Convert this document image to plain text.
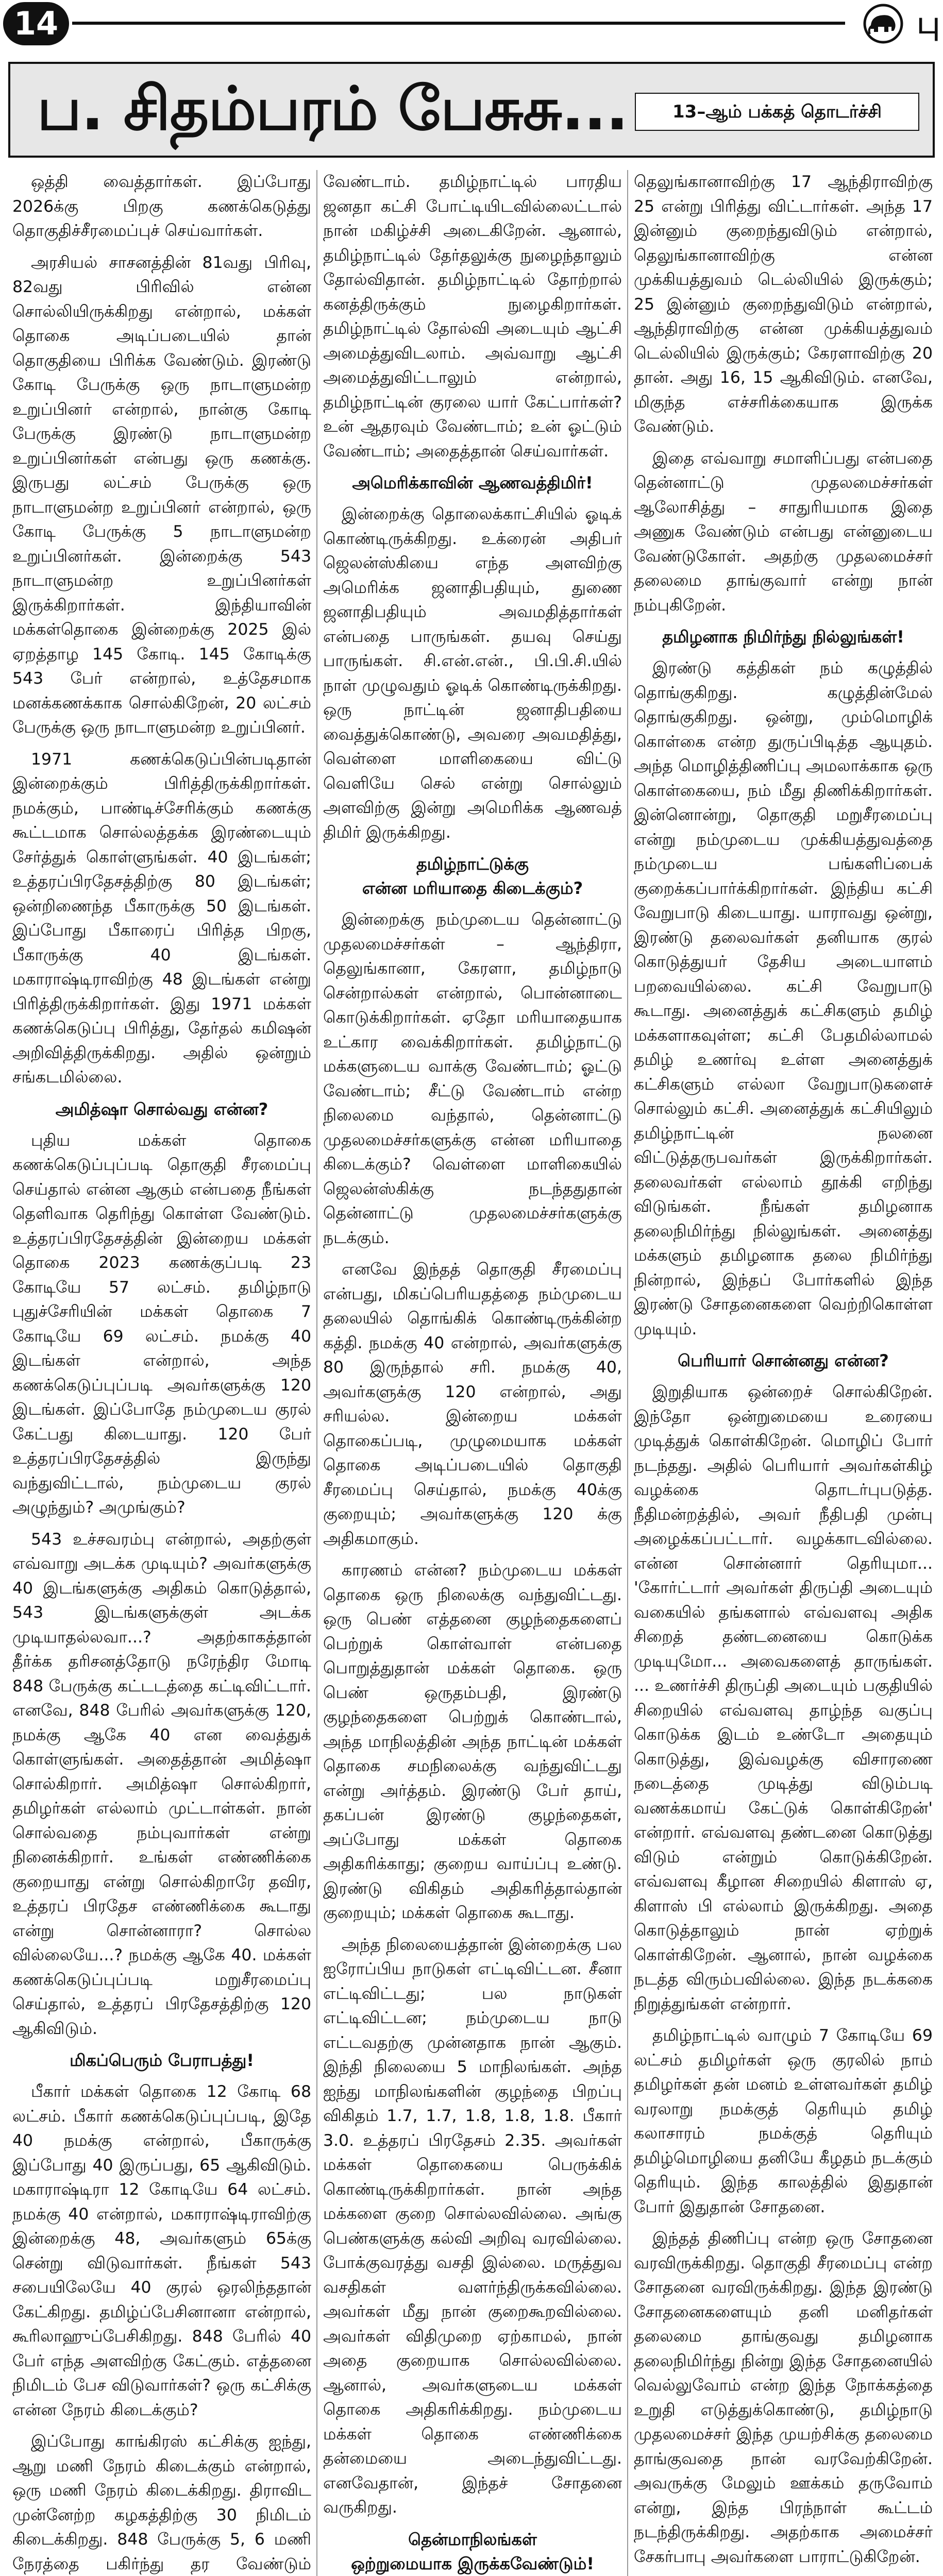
14	பு
ப. சிதம்பரம் பேசுசு...	13–ஆம் பக்கத் தொடர்ச்சி

ஒத்தி வைத்தார்கள். இப்போது 2026க்கு பிறகு கணக்கெடுத்து தொகுதிச்சீரமைப்புச் செய்வார்கள்.

அரசியல் சாசனத்தின் 81வது பிரிவு, 82வது பிரிவில் என்ன சொல்லியிருக்கிறது என்றால், மக்கள் தொகை அடிப்படையில் தான் தொகுதியை பிரிக்க வேண்டும். இரண்டு கோடி பேருக்கு ஒரு நாடாளுமன்ற உறுப்பினர் என்றால், நான்கு கோடி பேருக்கு இரண்டு நாடாளுமன்ற உறுப்பினர்கள் என்பது ஒரு கணக்கு. இருபது லட்சம் பேருக்கு ஒரு நாடாளுமன்ற உறுப்பினர் என்றால், ஒரு கோடி பேருக்கு 5 நாடாளுமன்ற உறுப்பினர்கள். இன்றைக்கு 543 நாடாளுமன்ற உறுப்பினர்கள் இருக்கிறார்கள். இந்தியாவின் மக்கள்தொகை இன்றைக்கு 2025 இல் ஏறத்தாழ 145 கோடி. 145 கோடிக்கு 543 பேர் என்றால், உத்தேசமாக மனக்கணக்காக சொல்கிறேன், 20 லட்சம் பேருக்கு ஒரு நாடாளுமன்ற உறுப்பினர்.

1971 கணக்கெடுப்பின்படிதான் இன்றைக்கும் பிரித்திருக்கிறார்கள். நமக்கும், பாண்டிச்சேரிக்கும் கணக்கு கூட்டமாக சொல்லத்தக்க இரண்டையும் சேர்த்துக் கொள்ளுங்கள். 40 இடங்கள்; உத்தரப்பிரதேசத்திற்கு 80 இடங்கள்; ஒன்றிணைந்த பீகாருக்கு 50 இடங்கள். இப்போது பீகாரைப் பிரித்த பிறகு, பீகாருக்கு 40 இடங்கள். மகாராஷ்டிராவிற்கு 48 இடங்கள் என்று பிரித்திருக்கிறார்கள். இது 1971 மக்கள் கணக்கெடுப்பு பிரித்து, தேர்தல் கமிஷன் அறிவித்திருக்கிறது. அதில் ஒன்றும் சங்கடமில்லை.

அமித்ஷா சொல்வது என்ன?

புதிய மக்கள் தொகை கணக்கெடுப்புப்படி தொகுதி சீரமைப்பு செய்தால் என்ன ஆகும் என்பதை நீங்கள் தெளிவாக தெரிந்து கொள்ள வேண்டும். உத்தரப்பிரதேசத்தின் இன்றைய மக்கள் தொகை 2023 கணக்குப்படி 23 கோடியே 57 லட்சம். தமிழ்நாடு புதுச்சேரியின் மக்கள் தொகை 7 கோடியே 69 லட்சம். நமக்கு 40 இடங்கள் என்றால், அந்த கணக்கெடுப்புப்படி அவர்களுக்கு 120 இடங்கள். இப்போதே நம்முடைய குரல் கேட்பது கிடையாது. 120 பேர் உத்தரப்பிரதேசத்தில் இருந்து வந்துவிட்டால், நம்முடைய குரல் அழுந்தும்? அமுங்கும்?

543 உச்சவரம்பு என்றால், அதற்குள் எவ்வாறு அடக்க முடியும்? அவர்களுக்கு 40 இடங்களுக்கு அதிகம் கொடுத்தால், 543 இடங்களுக்குள் அடக்க முடியாதல்லவா...? அதற்காகத்தான் தீர்க்க தரிசனத்தோடு நரேந்திர மோடி 848 பேருக்கு கட்டடத்தை கட்டிவிட்டார். எனவே, 848 பேரில் அவர்களுக்கு 120, நமக்கு ஆகே 40 என வைத்துக் கொள்ளுங்கள். அதைத்தான் அமித்ஷா சொல்கிறார். அமித்ஷா சொல்கிறார், தமிழர்கள் எல்லாம் முட்டாள்கள். நான் சொல்வதை நம்புவார்கள் என்று நினைக்கிறார். உங்கள் எண்ணிக்கை குறையாது என்று சொல்கிறாரே தவிர, உத்தரப் பிரதேச எண்ணிக்கை கூடாது என்று சொன்னாரா? சொல்ல வில்லையே...? நமக்கு ஆகே 40. மக்கள் கணக்கெடுப்புப்படி மறுசீரமைப்பு செய்தால், உத்தரப் பிரதேசத்திற்கு 120 ஆகிவிடும்.

மிகப்பெரும் பேராபத்து!

பீகார் மக்கள் தொகை 12 கோடி 68 லட்சம். பீகார் கணக்கெடுப்புப்படி, இதே 40 நமக்கு என்றால், பீகாருக்கு இப்போது 40 இருப்பது, 65 ஆகிவிடும். மகாராஷ்டிரா 12 கோடியே 64 லட்சம். நமக்கு 40 என்றால், மகாராஷ்டிராவிற்கு இன்றைக்கு 48, அவர்களும் 65க்கு சென்று விடுவார்கள். நீங்கள் 543 சபையிலேயே 40 குரல் ஒரலிந்ததான் கேட்கிறது. தமிழ்ப்பேசினானா என்றால், கூரிலாஹுப்பேசிகிறது. 848 பேரில் 40 பேர் எந்த அளவிற்கு கேட்கும். எத்தனை நிமிடம் பேச விடுவார்கள்? ஒரு கட்சிக்கு என்ன நேரம் கிடைக்கும்?

இப்போது காங்கிரஸ் கட்சிக்கு ஐந்து, ஆறு மணி நேரம் கிடைக்கும் என்றால், ஒரு மணி நேரம் கிடைக்கிறது. திராவிட முன்னேற்ற கழகத்திற்கு 30 நிமிடம் கிடைக்கிறது. 848 பேருக்கு 5, 6 மணி நேரத்தை பகிர்ந்து தர வேண்டும்

வேண்டாம். தமிழ்நாட்டில் பாரதிய ஜனதா கட்சி போட்டியிடவில்லைட்டால் நான் மகிழ்ச்சி அடைகிறேன். ஆனால், தமிழ்நாட்டில் தேர்தலுக்கு நுழைந்தாலும் தோல்விதான். தமிழ்நாட்டில் தோற்றால் கனத்திருக்கும் நுழைகிறார்கள். தமிழ்நாட்டில் தோல்வி அடையும் ஆட்சி அமைத்துவிடலாம். அவ்வாறு ஆட்சி அமைத்துவிட்டாலும் என்றால், தமிழ்நாட்டின் குரலை யார் கேட்பார்கள்? உன் ஆதரவும் வேண்டாம்; உன் ஓட்டும் வேண்டாம்; அதைத்தான் செய்வார்கள்.

அமெரிக்காவின் ஆணவத்திமிர்!

இன்றைக்கு தொலைக்காட்சியில் ஓடிக் கொண்டிருக்கிறது. உக்ரைன் அதிபர் ஜெலன்ஸ்கியை எந்த அளவிற்கு அமெரிக்க ஜனாதிபதியும், துணை ஜனாதிபதியும் அவமதித்தார்கள் என்பதை பாருங்கள். தயவு செய்து பாருங்கள். சி.என்.என்., பி.பி.சி.யில் நாள் முழுவதும் ஓடிக் கொண்டிருக்கிறது. ஒரு நாட்டின் ஜனாதிபதியை வைத்துக்கொண்டு, அவரை அவமதித்து, வெள்ளை மாளிகையை விட்டு வெளியே செல் என்று சொல்லும் அளவிற்கு இன்று அமெரிக்க ஆணவத் திமிர் இருக்கிறது.

தமிழ்நாட்டுக்கு
என்ன மரியாதை கிடைக்கும்?

இன்றைக்கு நம்முடைய தென்னாட்டு முதலமைச்சர்கள் – ஆந்திரா, தெலுங்கானா, கேரளா, தமிழ்நாடு சென்றால்கள் என்றால், பொன்னாடை கொடுக்கிறார்கள். ஏதோ மரியாதையாக உட்கார வைக்கிறார்கள். தமிழ்நாட்டு மக்களுடைய வாக்கு வேண்டாம்; ஓட்டு வேண்டாம்; சீட்டு வேண்டாம் என்ற நிலைமை வந்தால், தென்னாட்டு முதலமைச்சர்களுக்கு என்ன மரியாதை கிடைக்கும்? வெள்ளை மாளிகையில் ஜெலன்ஸ்கிக்கு நடந்ததுதான் தென்னாட்டு முதலமைச்சர்களுக்கு நடக்கும்.

எனவே இந்தத் தொகுதி சீரமைப்பு என்பது, மிகப்பெரியதத்தை நம்முடைய தலையில் தொங்கிக் கொண்டிருக்கின்ற கத்தி. நமக்கு 40 என்றால், அவர்களுக்கு 80 இருந்தால் சரி. நமக்கு 40, அவர்களுக்கு 120 என்றால், அது சரியல்ல. இன்றைய மக்கள் தொகைப்படி, முழுமையாக மக்கள் தொகை அடிப்படையில் தொகுதி சீரமைப்பு செய்தால், நமக்கு 40க்கு குறையும்; அவர்களுக்கு 120 க்கு அதிகமாகும்.

காரணம் என்ன? நம்முடைய மக்கள் தொகை ஒரு நிலைக்கு வந்துவிட்டது. ஒரு பெண் எத்தனை குழந்தைகளைப் பெற்றுக் கொள்வாள் என்பதை பொறுத்துதான் மக்கள் தொகை. ஒரு பெண் ஒருதம்பதி, இரண்டு குழந்தைகளை பெற்றுக் கொண்டால், அந்த மாநிலத்தின் அந்த நாட்டின் மக்கள் தொகை சமநிலைக்கு வந்துவிட்டது என்று அர்த்தம். இரண்டு பேர் தாய், தகப்பன் இரண்டு குழந்தைகள், அப்போது மக்கள் தொகை அதிகரிக்காது; குறைய வாய்ப்பு உண்டு. இரண்டு விகிதம் அதிகரித்தால்தான் குறையும்; மக்கள் தொகை கூடாது.

அந்த நிலையைத்தான் இன்றைக்கு பல ஐரோப்பிய நாடுகள் எட்டிவிட்டன. சீனா எட்டிவிட்டது; பல நாடுகள் எட்டிவிட்டன; நம்முடைய நாடு எட்டவதற்கு முன்னதாக நான் ஆகும். இந்தி நிலையை 5 மாநிலங்கள். அந்த ஐந்து மாநிலங்களின் குழந்தை பிறப்பு விகிதம் 1.7, 1.7, 1.8, 1.8, 1.8. பீகார் 3.0. உத்தரப் பிரதேசம் 2.35. அவர்கள் மக்கள் தொகையை பெருக்கிக் கொண்டிருக்கிறார்கள். நான் அந்த மக்களை குறை சொல்லவில்லை. அங்கு பெண்களுக்கு கல்வி அறிவு வரவில்லை. போக்குவரத்து வசதி இல்லை. மருத்துவ வசதிகள் வளர்ந்திருக்கவில்லை. அவர்கள் மீது நான் குறைகூறவில்லை. அவர்கள் விதிமுறை ஏற்காமல், நான் அதை குறையாக சொல்லவில்லை. ஆனால், அவர்களுடைய மக்கள் தொகை அதிகரிக்கிறது. நம்முடைய மக்கள் தொகை எண்ணிக்கை தன்மையை அடைந்துவிட்டது. எனவேதான், இந்தச் சோதனை வருகிறது.

தென்மாநிலங்கள்
ஒற்றுமையாக இருக்கவேண்டும்!

தெலுங்கானாவிற்கு 17 ஆந்திராவிற்கு 25 என்று பிரித்து விட்டார்கள். அந்த 17 இன்னும் குறைந்துவிடும் என்றால், தெலுங்கானாவிற்கு என்ன முக்கியத்துவம் டெல்லியில் இருக்கும்; 25 இன்னும் குறைந்துவிடும் என்றால், ஆந்திராவிற்கு என்ன முக்கியத்துவம் டெல்லியில் இருக்கும்; கேரளாவிற்கு 20 தான். அது 16, 15 ஆகிவிடும். எனவே, மிகுந்த எச்சரிக்கையாக இருக்க வேண்டும்.

இதை எவ்வாறு சமாளிப்பது என்பதை தென்னாட்டு முதலமைச்சர்கள் ஆலோசித்து – சாதுரியமாக இதை அணுக வேண்டும் என்பது என்னுடைய வேண்டுகோள். அதற்கு முதலமைச்சர் தலைமை தாங்குவார் என்று நான் நம்புகிறேன்.

தமிழனாக நிமிர்ந்து நில்லுங்கள்!

இரண்டு கத்திகள் நம் கழுத்தில் தொங்குகிறது. கழுத்தின்மேல் தொங்குகிறது. ஒன்று, மும்மொழிக் கொள்கை என்ற துருப்பிடித்த ஆயுதம். அந்த மொழித்திணிப்பு அமலாக்காக ஒரு கொள்கையை, நம் மீது திணிக்கிறார்கள். இன்னொன்று, தொகுதி மறுசீரமைப்பு என்று நம்முடைய முக்கியத்துவத்தை நம்முடைய பங்களிப்பைக் குறைக்கப்பார்க்கிறார்கள். இந்திய கட்சி வேறுபாடு கிடையாது. யாராவது ஒன்று, இரண்டு தலைவர்கள் தனியாக குரல் கொடுத்துயர் தேசிய அடையாளம் பறவையில்லை. கட்சி வேறுபாடு கூடாது. அனைத்துக் கட்சிகளும் தமிழ் மக்களாகவுள்ள; கட்சி பேதமில்லாமல் தமிழ் உணர்வு உள்ள அனைத்துக் கட்சிகளும் எல்லா வேறுபாடுகளைச் சொல்லும் கட்சி. அனைத்துக் கட்சியிலும் தமிழ்நாட்டின் நலனை விட்டுத்தருபவர்கள் இருக்கிறார்கள். தலைவர்கள் எல்லாம் தூக்கி எறிந்து விடுங்கள். நீங்கள் தமிழனாக தலைநிமிர்ந்து நில்லுங்கள். அனைத்து மக்களும் தமிழனாக தலை நிமிர்ந்து நின்றால், இந்தப் போர்களில் இந்த இரண்டு சோதனைகளை வெற்றிகொள்ள முடியும்.

பெரியார் சொன்னது என்ன?

இறுதியாக ஒன்றைச் சொல்கிறேன். இந்தோ ஒன்றுமையை உரையை முடித்துக் கொள்கிறேன். மொழிப் போர் நடந்தது. அதில் பெரியார் அவர்கள்கிழ் வழக்கை தொடர்புபடுத்த. நீதிமன்றத்தில், அவர் நீதிபதி முன்பு அழைக்கப்பட்டார். வழக்காடவில்லை. என்ன சொன்னார் தெரியுமா... 'கோர்ட்டார் அவர்கள் திருப்தி அடையும் வகையில் தங்களால் எவ்வளவு அதிக சிறைத் தண்டனையை கொடுக்க முடியுமோ... அவைகளைத் தாருங்கள். ... உணர்ச்சி திருப்தி அடையும் பகுதியில் சிறையில் எவ்வளவு தாழ்ந்த வகுப்பு கொடுக்க இடம் உண்டோ அதையும் கொடுத்து, இவ்வழக்கு விசாரணை நடைத்தை முடித்து விடும்படி வணக்கமாய் கேட்டுக் கொள்கிறேன்' என்றார். எவ்வளவு தண்டனை கொடுத்து விடும் என்றும் கொடுக்கிறேன். எவ்வளவு கீழான சிறையில் கிளாஸ் ஏ, கிளாஸ் பி எல்லாம் இருக்கிறது. அதை கொடுத்தாலும் நான் ஏற்றுக் கொள்கிறேன். ஆனால், நான் வழக்கை நடத்த விரும்பவில்லை. இந்த நடக்ககை நிறுத்துங்கள் என்றார்.

தமிழ்நாட்டில் வாழும் 7 கோடியே 69 லட்சம் தமிழர்கள் ஒரு குரலில் நாம் தமிழர்கள் தன் மனம் உள்ளவர்கள் தமிழ் வரலாறு நமக்குத் தெரியும் தமிழ் கலாசாரம் நமக்குத் தெரியும் தமிழ்மொழியை தனியே கீழதம் நடக்கும் தெரியும். இந்த காலத்தில் இதுதான் போர் இதுதான் சோதனை.

இந்தத் திணிப்பு என்ற ஒரு சோதனை வரவிருக்கிறது. தொகுதி சீரமைப்பு என்ற சோதனை வரவிருக்கிறது. இந்த இரண்டு சோதனைகளையும் தனி மனிதர்கள் தலைமை தாங்குவது தமிழனாக தலைநிமிர்ந்து நின்று இந்த சோதனையில் வெல்லுவோம் என்ற இந்த நோக்கத்தை உறுதி எடுத்துக்கொண்டு, தமிழ்நாடு முதலமைச்சர் இந்த முயற்சிக்கு தலைமை தாங்குவதை நான் வரவேற்கிறேன். அவருக்கு மேலும் ஊக்கம் தருவோம் என்று, இந்த பிரந்நாள் கூட்டம் நடந்திருக்கிறது. அதற்காக அமைச்சர் சேகர்பாபு அவர்களை பாராட்டுகிறேன்.
